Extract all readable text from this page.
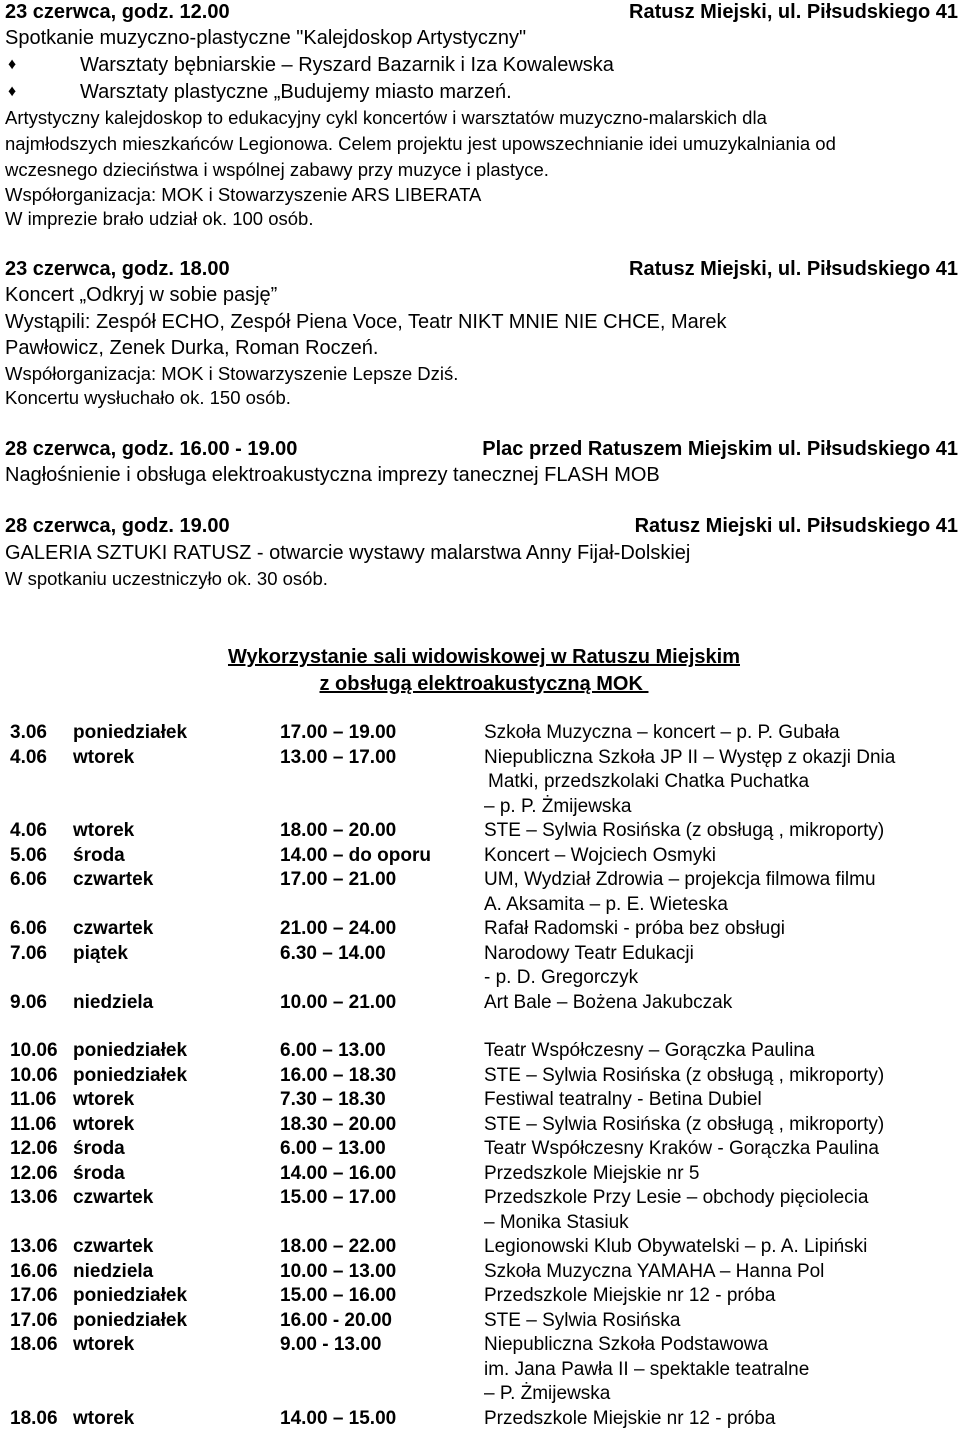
23 czerwca, godz. 12.00	Ratusz Miejski, ul. Piłsudskiego 41
Spotkanie muzyczno-plastyczne "Kalejdoskop Artystyczny"
♦	Warsztaty bębniarskie – Ryszard Bazarnik i Iza Kowalewska
♦	Warsztaty plastyczne „Budujemy miasto marzeń.
Artystyczny kalejdoskop to edukacyjny cykl koncertów i warsztatów muzyczno-malarskich dla
najmłodszych mieszkańców Legionowa. Celem projektu jest upowszechnianie idei umuzykalniania od
wczesnego dzieciństwa i wspólnej zabawy przy muzyce i plastyce.
Współorganizacja: MOK i Stowarzyszenie ARS LIBERATA
W imprezie brało udział ok. 100 osób.
23 czerwca, godz. 18.00	Ratusz Miejski, ul. Piłsudskiego 41
Koncert „Odkryj w sobie pasję”
Wystąpili: Zespół ECHO, Zespół Piena Voce, Teatr NIKT MNIE NIE CHCE, Marek
Pawłowicz, Zenek Durka, Roman Roczeń.
Współorganizacja: MOK i Stowarzyszenie Lepsze Dziś.
Koncertu wysłuchało ok. 150 osób.
28 czerwca, godz. 16.00 - 19.00	Plac przed Ratuszem Miejskim ul. Piłsudskiego 41
Nagłośnienie i obsługa elektroakustyczna imprezy tanecznej FLASH MOB
28 czerwca, godz. 19.00	Ratusz Miejski ul. Piłsudskiego 41
GALERIA SZTUKI RATUSZ - otwarcie wystawy malarstwa Anny Fijał-Dolskiej
W spotkaniu uczestniczyło ok. 30 osób.
Wykorzystanie sali widowiskowej w Ratuszu Miejskim
z obsługą elektroakustyczną MOK
3.06 poniedziałek	17.00 – 19.00	Szkoła Muzyczna – koncert – p. P. Gubała
4.06 wtorek	13.00 – 17.00	Niepubliczna Szkoła JP II – Występ z okazji Dnia
Matki, przedszkolaki Chatka Puchatka
– p. P. Żmijewska
4.06 wtorek	18.00 – 20.00	STE – Sylwia Rosińska (z obsługą , mikroporty)
5.06 środa	14.00 – do oporu	Koncert – Wojciech Osmyki
6.06 czwartek	17.00 – 21.00	UM, Wydział Zdrowia – projekcja filmowa filmu
A. Aksamita – p. E. Wieteska
6.06 czwartek	21.00 – 24.00	Rafał Radomski - próba bez obsługi
7.06 piątek	6.30 – 14.00	Narodowy Teatr Edukacji
- p. D. Gregorczyk
9.06 niedziela	10.00 – 21.00	Art Bale – Bożena Jakubczak
10.06 poniedziałek	6.00 – 13.00	Teatr Współczesny – Gorączka Paulina
10.06 poniedziałek	16.00 – 18.30	STE – Sylwia Rosińska (z obsługą , mikroporty)
11.06 wtorek	7.30 – 18.30	Festiwal teatralny - Betina Dubiel
11.06 wtorek	18.30 – 20.00	STE – Sylwia Rosińska (z obsługą , mikroporty)
12.06 środa	6.00 – 13.00	Teatr Współczesny Kraków - Gorączka Paulina
12.06 środa	14.00 – 16.00	Przedszkole Miejskie nr 5
13.06 czwartek	15.00 – 17.00	Przedszkole Przy Lesie – obchody pięciolecia
– Monika Stasiuk
13.06 czwartek	18.00 – 22.00	Legionowski Klub Obywatelski – p. A. Lipiński
16.06 niedziela	10.00 – 13.00	Szkoła Muzyczna YAMAHA – Hanna Pol
17.06 poniedziałek	15.00 – 16.00	Przedszkole Miejskie nr 12 - próba
17.06 poniedziałek	16.00 - 20.00	STE – Sylwia Rosińska
18.06 wtorek	9.00 - 13.00	Niepubliczna Szkoła Podstawowa
im. Jana Pawła II – spektakle teatralne
– P. Żmijewska
18.06 wtorek	14.00 – 15.00	Przedszkole Miejskie nr 12 - próba
